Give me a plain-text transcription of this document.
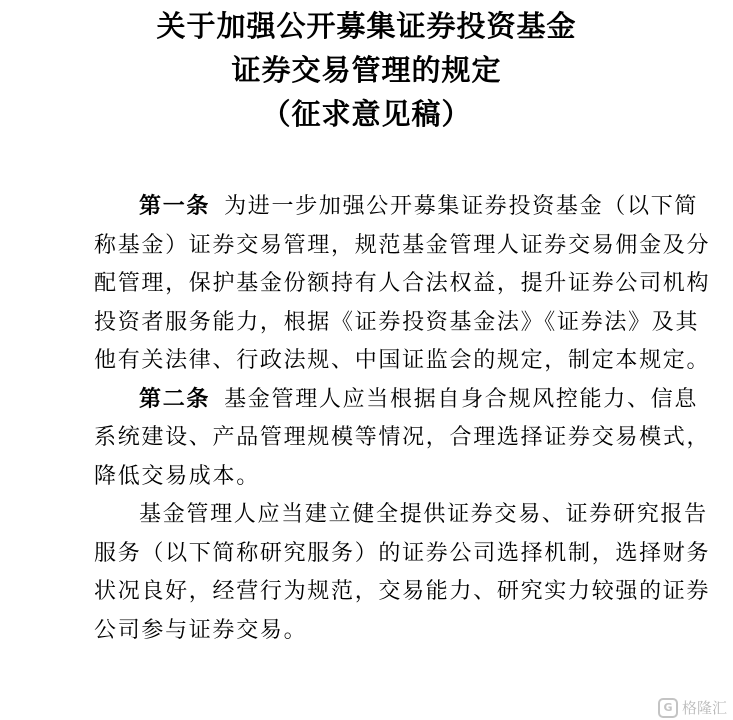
关于加强公开募集证券投资基金
证券交易管理的规定
（征求意见稿）
第一条 为进一步加强公开募集证券投资基金（以下简
称基金）证券交易管理，规范基金管理人证券交易佣金及分
配管理，保护基金份额持有人合法权益，提升证券公司机构
投资者服务能力，根据《证券投资基金法》《证券法》及其
他有关法律、行政法规、中国证监会的规定，制定本规定。
第二条 基金管理人应当根据自身合规风控能力、信息
系统建设、产品管理规模等情况，合理选择证券交易模式，
降低交易成本。
基金管理人应当建立健全提供证券交易、证券研究报告
服务（以下简称研究服务）的证券公司选择机制，选择财务
状况良好，经营行为规范，交易能力、研究实力较强的证券
公司参与证券交易。
G 格隆汇
